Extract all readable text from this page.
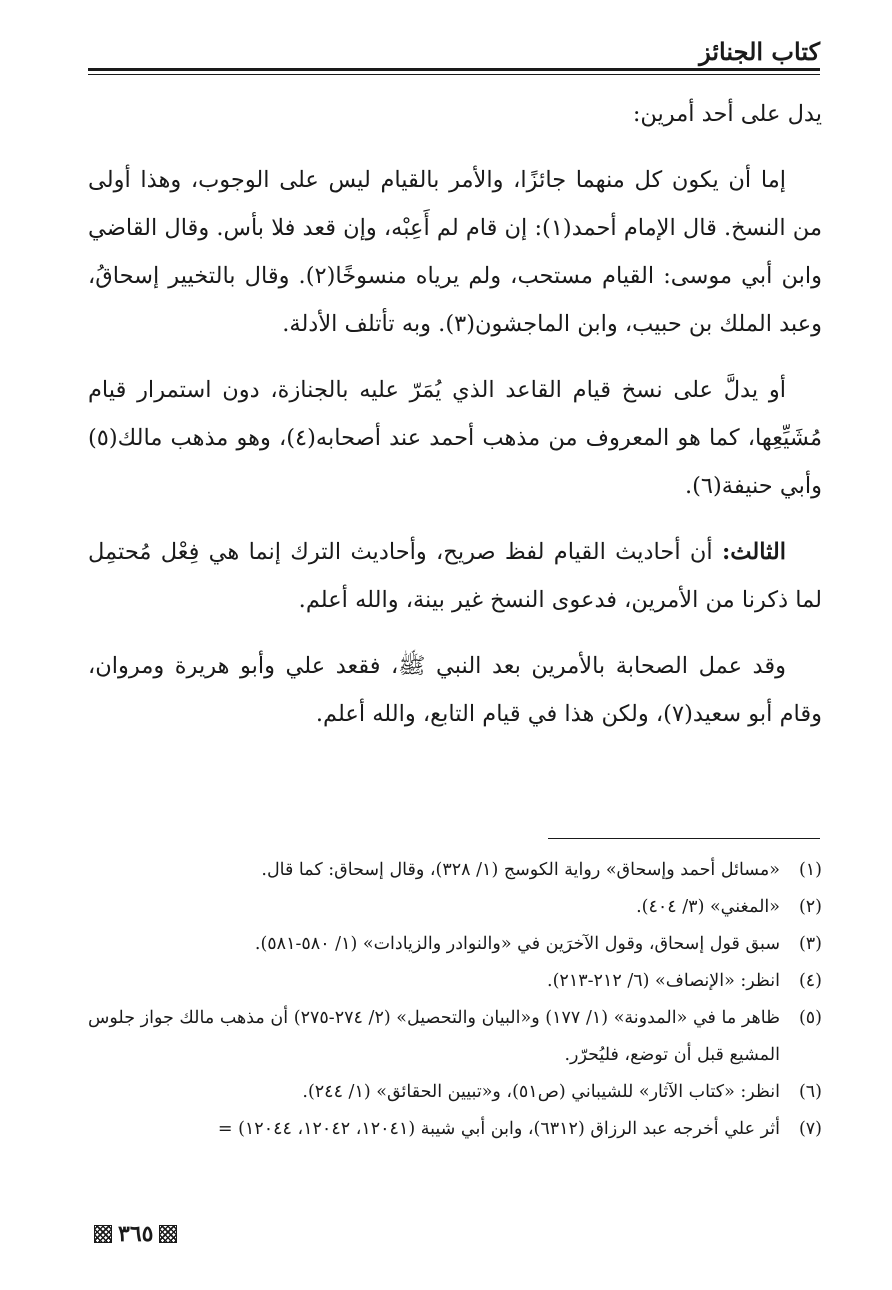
كتاب الجنائز

يدل على أحد أمرين:

إما أن يكون كل منهما جائزًا، والأمر بالقيام ليس على الوجوب، وهذا أولى من النسخ. قال الإمام أحمد(١): إن قام لم أَعِبْه، وإن قعد فلا بأس. وقال القاضي وابن أبي موسى: القيام مستحب، ولم يرياه منسوخًا(٢). وقال بالتخيير إسحاقُ، وعبد الملك بن حبيب، وابن الماجشون(٣). وبه تأتلف الأدلة.

أو يدلَّ على نسخ قيام القاعد الذي يُمَرّ عليه بالجنازة، دون استمرار قيام مُشَيِّعِها، كما هو المعروف من مذهب أحمد عند أصحابه(٤)، وهو مذهب مالك(٥) وأبي حنيفة(٦).

الثالث: أن أحاديث القيام لفظ صريح، وأحاديث الترك إنما هي فِعْل مُحتمِل لما ذكرنا من الأمرين، فدعوى النسخ غير بينة، والله أعلم.

وقد عمل الصحابة بالأمرين بعد النبي ﷺ، فقعد علي وأبو هريرة ومروان، وقام أبو سعيد(٧)، ولكن هذا في قيام التابع، والله أعلم.

(١)
«مسائل أحمد وإسحاق» رواية الكوسج (١/ ٣٢٨)، وقال إسحاق: كما قال.
(٢)
«المغني» (٣/ ٤٠٤).
(٣)
سبق قول إسحاق، وقول الآخرَين في «والنوادر والزيادات» (١/ ٥٨٠-٥٨١).
(٤)
انظر: «الإنصاف» (٦/ ٢١٢-٢١٣).
(٥)
ظاهر ما في «المدونة» (١/ ١٧٧) و«البيان والتحصيل» (٢/ ٢٧٤-٢٧٥) أن مذهب مالك جواز جلوس المشيع قبل أن توضع، فليُحرّر.
(٦)
انظر: «كتاب الآثار» للشيباني (ص٥١)، و«تبيين الحقائق» (١/ ٢٤٤).
(٧)
أثر علي أخرجه عبد الرزاق (٦٣١٢)، وابن أبي شيبة (١٢٠٤١، ١٢٠٤٢، ١٢٠٤٤) =
٣٦٥
